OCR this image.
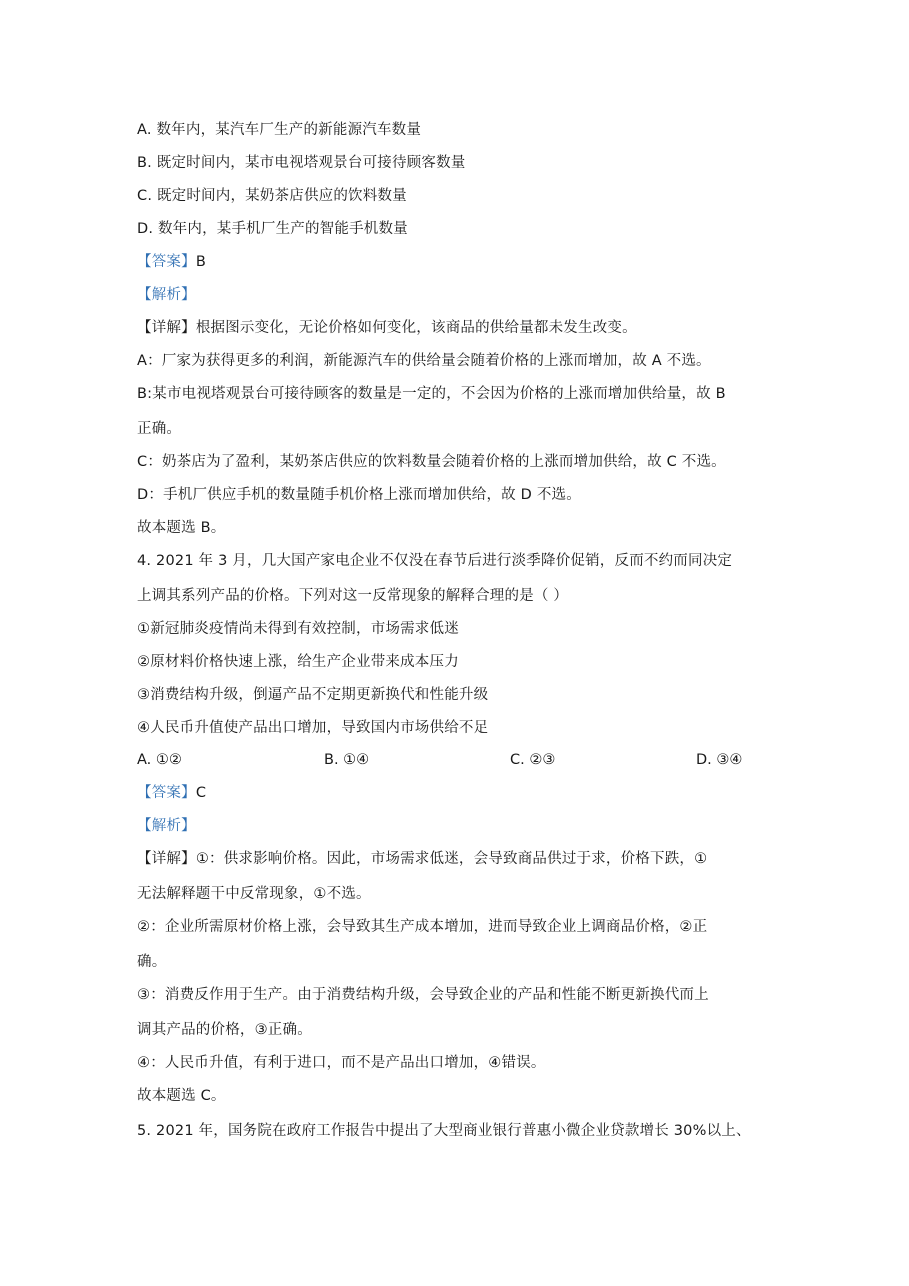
A. 数年内，某汽车厂生产的新能源汽车数量
B. 既定时间内，某市电视塔观景台可接待顾客数量
C. 既定时间内，某奶茶店供应的饮料数量
D. 数年内，某手机厂生产的智能手机数量
【答案】B
【解析】
【详解】根据图示变化，无论价格如何变化，该商品的供给量都未发生改变。
A：厂家为获得更多的利润，新能源汽车的供给量会随着价格的上涨而增加，故 A 不选。
B:某市电视塔观景台可接待顾客的数量是一定的，不会因为价格的上涨而增加供给量，故 B
正确。
C：奶茶店为了盈利，某奶茶店供应的饮料数量会随着价格的上涨而增加供给，故 C 不选。
D：手机厂供应手机的数量随手机价格上涨而增加供给，故 D 不选。
故本题选 B。
4. 2021 年 3 月，几大国产家电企业不仅没在春节后进行淡季降价促销，反而不约而同决定
上调其系列产品的价格。下列对这一反常现象的解释合理的是（ ）
①新冠肺炎疫情尚未得到有效控制，市场需求低迷
②原材料价格快速上涨，给生产企业带来成本压力
③消费结构升级，倒逼产品不定期更新换代和性能升级
④人民币升值使产品出口增加，导致国内市场供给不足
A. ①②	B. ①④	C. ②③	D. ③④
【答案】C
【解析】
【详解】①：供求影响价格。因此，市场需求低迷，会导致商品供过于求，价格下跌，①
无法解释题干中反常现象，①不选。
②：企业所需原材价格上涨，会导致其生产成本增加，进而导致企业上调商品价格，②正
确。
③：消费反作用于生产。由于消费结构升级，会导致企业的产品和性能不断更新换代而上
调其产品的价格，③正确。
④：人民币升值，有利于进口，而不是产品出口增加，④错误。
故本题选 C。
5. 2021 年，国务院在政府工作报告中提出了大型商业银行普惠小微企业贷款增长 30%以上、
